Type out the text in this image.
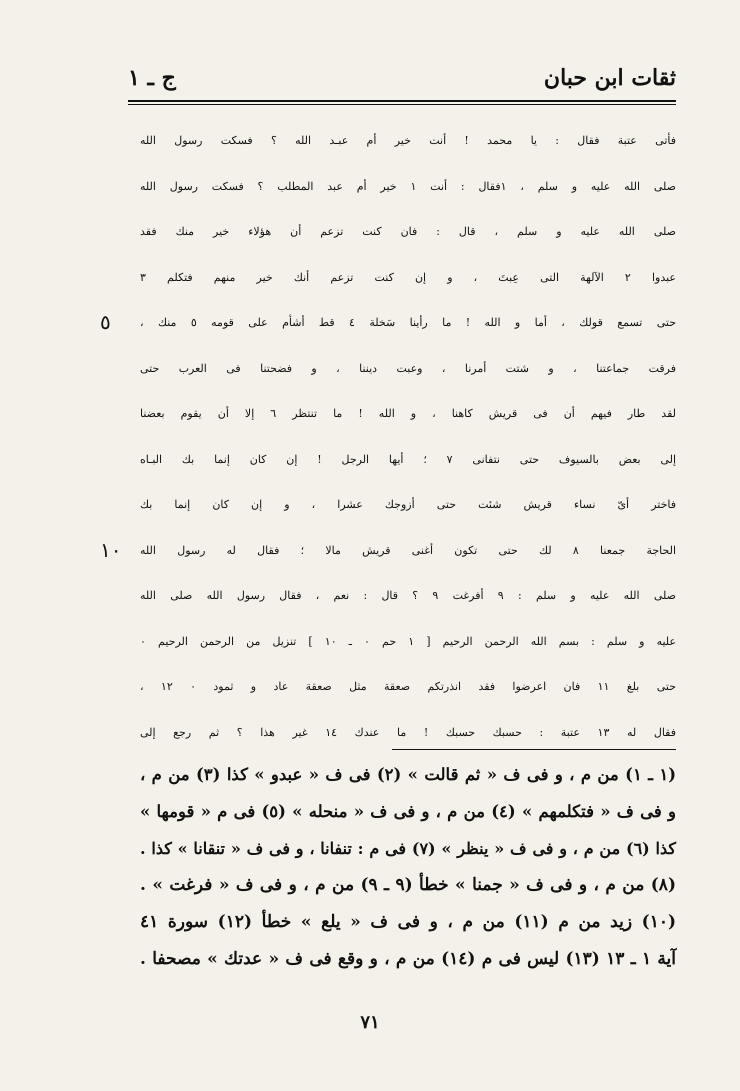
ثقات ابن حبان
ج ـ ١
فأتى عتبة فقال : يا محمد ! أنت خير أم عبـد الله ؟ فسكت رسول الله
صلى الله عليه و سلم ، ١فقال : أنت ١ خير أم عبد المطلب ؟ فسكت رسول الله
صلى الله عليه و سلم ، قال : فان كنت تزعم أن هؤلاء خير منك فقد
عبدوا ٢ الآلهة التى عِبتَ ، و إن كنت تزعم أنك خير منهم فتكلم ٣
حتى تسمع قولك ، أما و الله ! ما رأينا سَخلة ٤ قط أشأم على قومه ٥ منك ،
٥
فرقت جماعتنا ، و شتت أمرنا ، وعبت ديننا ، و فضحتنا فى العرب حتى
لقد طار فيهم أن فى قريش كاهنا ، و الله ! ما تنتظر ٦ إلا أن يقوم بعضنا
إلى بعض بالسيوف حتى نتفانى ٧ ؛ أيها الرجل ! إن كان إنما بك البـاه
فاختر أىّ نساء قريش شئت حتى أزوجك عشرا ، و إن كان إنما بك
الحاجة جمعنا ٨ لك حتى تكون أغنى قريش مالا ؛ فقال له رسول الله
١٠
صلى الله عليه و سلم : ٩ أفرغت ٩ ؟ قال : نعم ، فقال رسول الله صلى الله
عليه و سلم : بسم الله الرحمن الرحيم [ ١ حم ٠ ـ ١٠ ] تنزيل من الرحمن الرحيم ٠
حتى بلغ ١١ فان اعرضوا فقد انذرتكم صعقة مثل صعقة عاد و ثمود ٠ ١٢ ،
فقال له ١٣ عتبة : حسبك حسبك ! ما عندك ١٤ غير هذا ؟ ثم رجع إلى
(١ ـ ١) من م ، و فى ف « ثم قالت » (٢) فى ف « عبدو » كذا (٣) من م ،
و فى ف « فتكلمهم » (٤) من م ، و فى ف « منحله » (٥) فى م « قومها »
كذا (٦) من م ، و فى ف « ينظر » (٧) فى م : تنفانا ، و فى ف « تنقانا » كذا .
(٨) من م ، و فى ف « جمنا » خطأ (٩ ـ ٩) من م ، و فى ف « فرغت » .
(١٠) زيد من م (١١) من م ، و فى ف « يلع » خطأ (١٢) سورة ٤١
آية ١ ـ ١٣ (١٣) ليس فى م (١٤) من م ، و وقع فى ف « عدتك » مصحفا .
٧١
